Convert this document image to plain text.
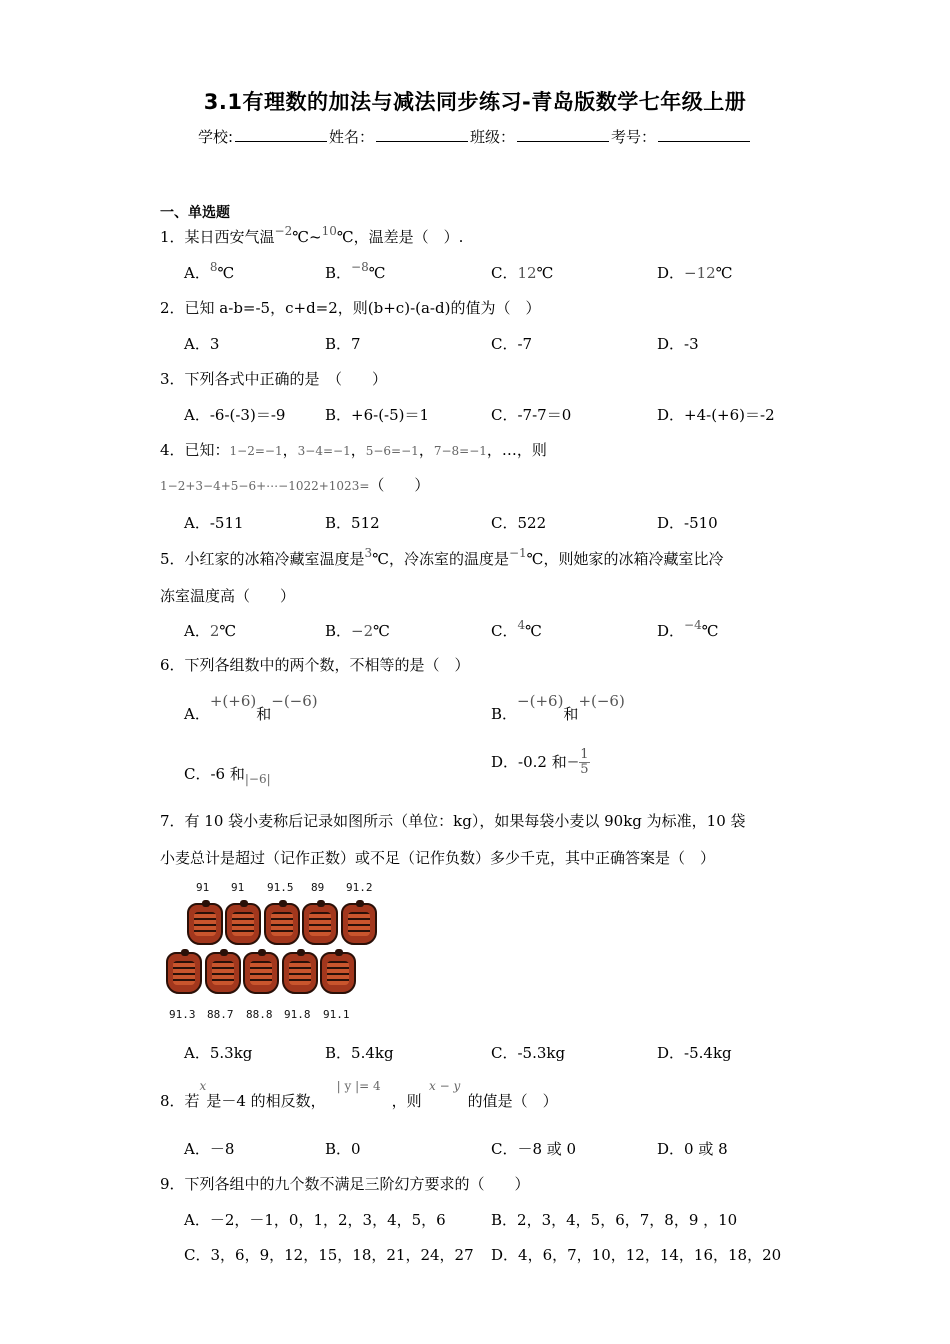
3.1有理数的加法与减法同步练习-青岛版数学七年级上册
学校:	姓名：	班级：	考号：
一、单选题
1．某日西安气温$^{-2}$℃~$^{10}$℃，温差是（　）.
A．$^8$℃	B．$^{-8}$℃	C．12℃	D．−12℃
2．已知 a-b=-5，c+d=2，则(b+c)-(a-d)的值为（　）
A．3	B．7	C．-7	D．-3
3．下列各式中正确的是　（　　）
A．-6-(-3)＝-9	B．+6-(-5)＝1	C．-7-7＝0	D．+4-(+6)＝-2
4．已知：1−2=−1，3−4=−1，5−6=−1，7−8=−1，…，则
1−2+3−4+5−6+⋯−1022+1023=（　　）
A．-511	B．512	C．522	D．-510
5．小红家的冰箱冷藏室温度是$^3$℃，冷冻室的温度是$^{-1}$℃，则她家的冰箱冷藏室比冷
冻室温度高（　　）
A．2℃	B．−2℃	C．$^4$℃	D．$^{-4}$℃
6．下列各组数中的两个数，不相等的是（　）
A．+(+6)和−(−6)
B．−(+6)和+(−6)
C．-6 和$_{|-6|}$
D．-0.2 和− $\frac{1}{5}$
7．有 10 袋小麦称后记录如图所示（单位：kg），如果每袋小麦以 90kg 为标准，10 袋
小麦总计是超过（记作正数）或不足（记作负数）多少千克，其中正确答案是（　）
91 91 91.5 89 91.2
91.3 88.7 88.8 91.8 91.1
A．5.3kg	B．5.4kg	C．-5.3kg	D．-5.4kg
8．若$^x$是－4 的相反数，| y |= 4，则x − y的值是（　）
A．－8	B．0	C．－8 或 0	D．0 或 8
9．下列各组中的九个数不满足三阶幻方要求的（　　）
A．－2，－1，0，1，2，3，4，5，6	B．2，3，4，5，6，7，8，9 ，10
C．3，6，9，12，15，18，21，24，27 D．4，6，7，10，12，14，16，18，20
